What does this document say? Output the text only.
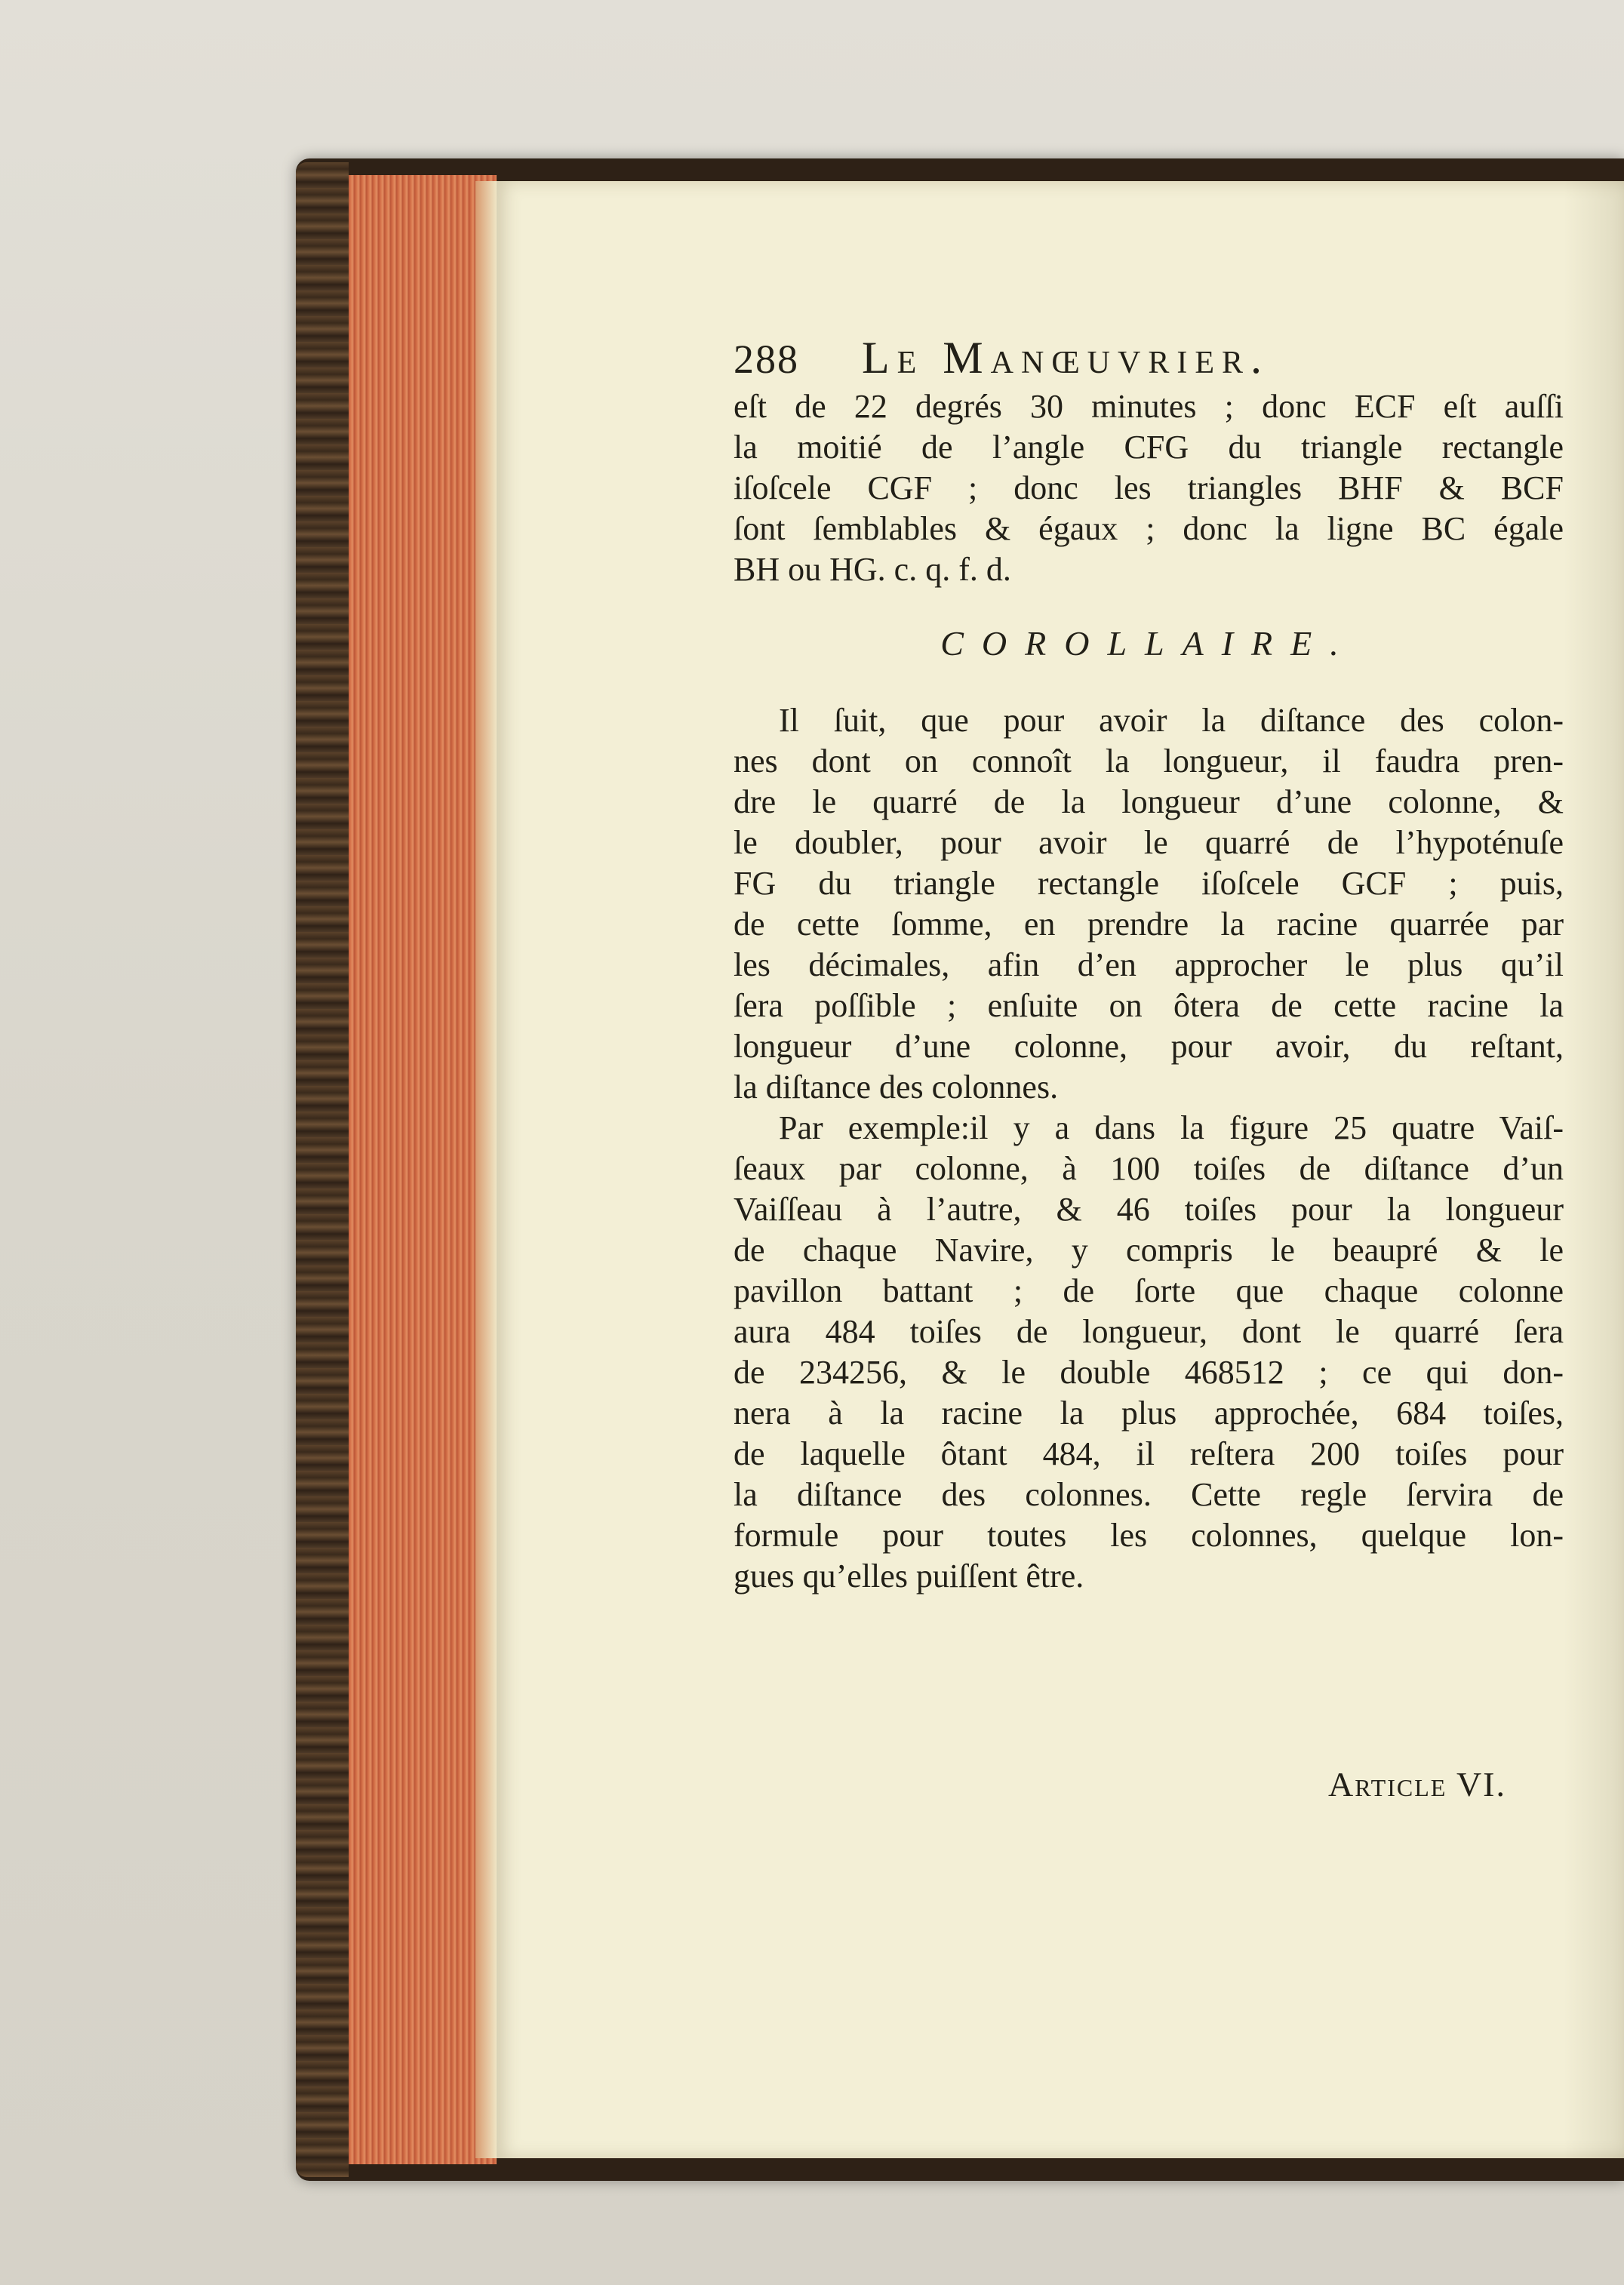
288	Le Manœuvrier.
eſt de 22 degrés 30 minutes ; donc ECF eſt auſſi
la moitié de l’angle CFG du triangle rectangle
iſoſcele CGF ; donc les triangles BHF & BCF
ſont ſemblables & égaux ; donc la ligne BC égale
BH ou HG. c. q. f. d.
COROLLAIRE.
Il ſuit, que pour avoir la diſtance des colon-
nes dont on connoît la longueur, il faudra pren-
dre le quarré de la longueur d’une colonne, &
le doubler, pour avoir le quarré de l’hypoténuſe
FG du triangle rectangle iſoſcele GCF ; puis,
de cette ſomme, en prendre la racine quarrée par
les décimales, afin d’en approcher le plus qu’il
ſera poſſible ; enſuite on ôtera de cette racine la
longueur d’une colonne, pour avoir, du reſtant,
la diſtance des colonnes.
Par exemple:il y a dans la figure 25 quatre Vaiſ-
ſeaux par colonne, à 100 toiſes de diſtance d’un
Vaiſſeau à l’autre, & 46 toiſes pour la longueur
de chaque Navire, y compris le beaupré & le
pavillon battant ; de ſorte que chaque colonne
aura 484 toiſes de longueur, dont le quarré ſera
de 234256, & le double 468512 ; ce qui don-
nera à la racine la plus approchée, 684 toiſes,
de laquelle ôtant 484, il reſtera 200 toiſes pour
la diſtance des colonnes. Cette regle ſervira de
formule pour toutes les colonnes, quelque lon-
gues qu’elles puiſſent être.
Article VI.
